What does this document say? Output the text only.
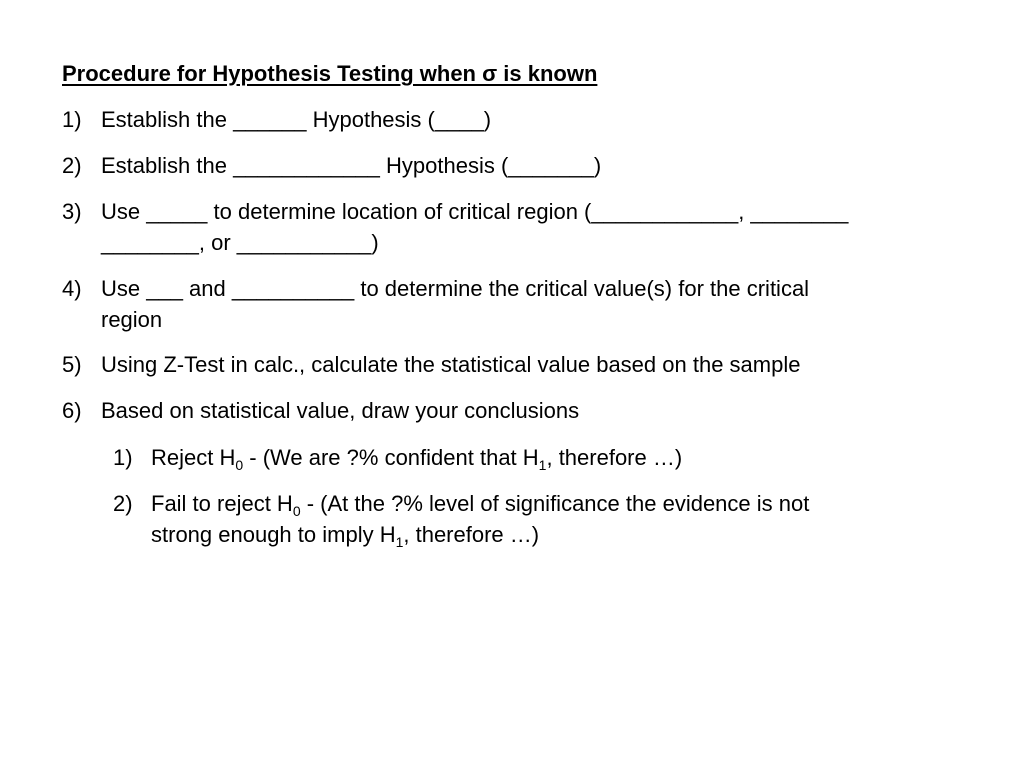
Procedure for Hypothesis Testing when σ is known
1) Establish the ______ Hypothesis (____)
2) Establish the ____________ Hypothesis (_______)
3) Use _____ to determine location of critical region (____________, ________
________, or ___________)
4) Use ___ and __________ to determine the critical value(s) for the critical
region
5) Using Z-Test in calc., calculate the statistical value based on the sample
6) Based on statistical value, draw your conclusions
1) Reject $H_0 - (We$ are ?% confident that $H_1$, therefore …)
2) Fail to reject $H_0 - (At$ the ?% level of significance the evidence is not
strong enough to imply $H_1$, therefore …)
